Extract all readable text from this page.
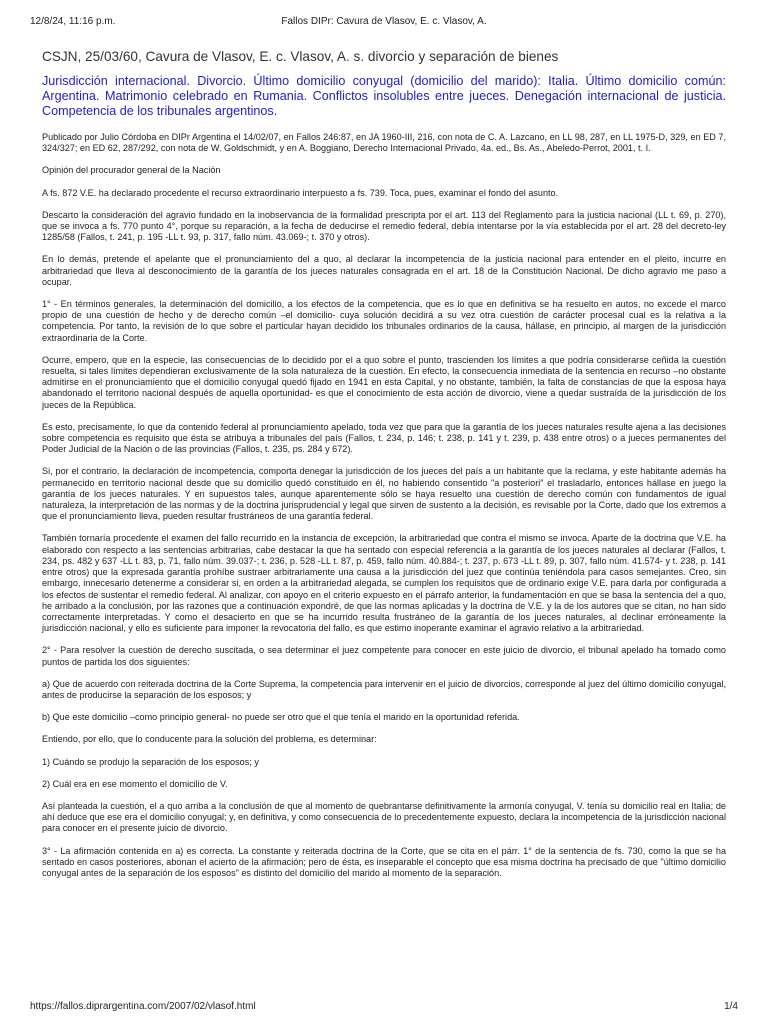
12/8/24, 11:16 p.m.	Fallos DIPr: Cavura de Vlasov, E. c. Vlasov, A.
CSJN, 25/03/60, Cavura de Vlasov, E. c. Vlasov, A. s. divorcio y separación de bienes

Jurisdicción internacional. Divorcio. Último domicilio conyugal (domicilio del marido): Italia. Último domicilio común: Argentina. Matrimonio celebrado en Rumania. Conflictos insolubles entre jueces. Denegación internacional de justicia. Competencia de los tribunales argentinos.

Publicado por Julio Córdoba en DIPr Argentina el 14/02/07, en Fallos 246:87, en JA 1960-III, 216, con nota de C. A. Lazcano, en LL 98, 287, en LL 1975-D, 329, en ED 7, 324/327; en ED 62, 287/292, con nota de W. Goldschmidt, y en A. Boggiano, Derecho Internacional Privado, 4a. ed., Bs. As., Abeledo-Perrot, 2001, t. I.

Opinión del procurador general de la Nación

A fs. 872 V.E. ha declarado procedente el recurso extraordinario interpuesto a fs. 739. Toca, pues, examinar el fondo del asunto.

Descarto la consideración del agravio fundado en la inobservancia de la formalidad prescripta por el art. 113 del Reglamento para la justicia nacional (LL t. 69, p. 270), que se invoca a fs. 770 punto 4°, porque su reparación, a la fecha de deducirse el remedio federal, debía intentarse por la vía establecida por el art. 28 del decreto-ley 1285/58 (Fallos, t. 241, p. 195 -LL t. 93, p. 317, fallo núm. 43.069-; t. 370 y otros).

En lo demás, pretende el apelante que el pronunciamiento del a quo, al declarar la incompetencia de la justicia nacional para entender en el pleito, incurre en arbitrariedad que lleva al desconocimiento de la garantía de los jueces naturales consagrada en el art. 18 de la Constitución Nacional. De dicho agravio me paso a ocupar.

1° - En términos generales, la determinación del domicilio, a los efectos de la competencia, que es lo que en definitiva se ha resuelto en autos, no excede el marco propio de una cuestión de hecho y de derecho común –el domicilio- cuya solución decidirá a su vez otra cuestión de carácter procesal cual es la relativa a la competencia. Por tanto, la revisión de lo que sobre el particular hayan decidido los tribunales ordinarios de la causa, hállase, en principio, al margen de la jurisdicción extraordinaria de la Corte.

Ocurre, empero, que en la especie, las consecuencias de lo decidido por el a quo sobre el punto, trascienden los límites a que podría considerarse ceñida la cuestión resuelta, si tales límites dependieran exclusivamente de la sola naturaleza de la cuestión. En efecto, la consecuencia inmediata de la sentencia en recurso –no obstante admitirse en el pronunciamiento que el domicilio conyugal quedó fijado en 1941 en esta Capital, y no obstante, también, la falta de constancias de que la esposa haya abandonado el territorio nacional después de aquella oportunidad- es que el conocimiento de esta acción de divorcio, viene a quedar sustraída de la jurisdicción de los jueces de la República.

Es esto, precisamente, lo que da contenido federal al pronunciamiento apelado, toda vez que para que la garantía de los jueces naturales resulte ajena a las decisiones sobre competencia es requisito que ésta se atribuya a tribunales del país (Fallos, t. 234, p. 146; t. 238, p. 141 y t. 239, p. 438 entre otros) o a jueces permanentes del Poder Judicial de la Nación o de las provincias (Fallos, t. 235, ps. 284 y 672).

Si, por el contrario, la declaración de incompetencia, comporta denegar la jurisdicción de los jueces del país a un habitante que la reclama, y este habitante además ha permanecido en territorio nacional desde que su domicilio quedó constituido en él, no habiendo consentido "a posteriori" el trasladarlo, entonces hállase en juego la garantía de los jueces naturales. Y en supuestos tales, aunque aparentemente sólo se haya resuelto una cuestión de derecho común con fundamentos de igual naturaleza, la interpretación de las normas y de la doctrina jurisprudencial y legal que sirven de sustento a la decisión, es revisable por la Corte, dado que los extremos a que el pronunciamiento lleva, pueden resultar frustráneos de una garantía federal.

También tornaría procedente el examen del fallo recurrido en la instancia de excepción, la arbitrariedad que contra el mismo se invoca. Aparte de la doctrina que V.E. ha elaborado con respecto a las sentencias arbitrarias, cabe destacar la que ha sentado con especial referencia a la garantía de los jueces naturales al declarar (Fallos, t. 234, ps. 482 y 637 -LL t. 83, p. 71, fallo núm. 39.037-; t. 236, p. 528 -LL t. 87, p. 459, fallo núm. 40.884-; t. 237, p. 673 -LL t. 89, p. 307, fallo núm. 41.574- y t. 238, p. 141 entre otros) que la expresada garantía prohíbe sustraer arbitrariamente una causa a la jurisdicción del juez que continúa teniéndola para casos semejantes. Creo, sin embargo, innecesario detenerme a considerar si, en orden a la arbitrariedad alegada, se cumplen los requisitos que de ordinario exige V.E. para darla por configurada a los efectos de sustentar el remedio federal. Al analizar, con apoyo en el criterio expuesto en el párrafo anterior, la fundamentación en que se basa la sentencia del a quo, he arribado a la conclusión, por las razones que a continuación expondré, de que las normas aplicadas y la doctrina de V.E. y la de los autores que se citan, no han sido correctamente interpretadas. Y como el desacierto en que se ha incurrido resulta frustráneo de la garantía de los jueces naturales, al declinar erróneamente la jurisdicción nacional, y ello es suficiente para imponer la revocatoria del fallo, es que estimo inoperante examinar el agravio relativo a la arbitrariedad.

2° - Para resolver la cuestión de derecho suscitada, o sea determinar el juez competente para conocer en este juicio de divorcio, el tribunal apelado ha tomado como puntos de partida los dos siguientes:

a) Que de acuerdo con reiterada doctrina de la Corte Suprema, la competencia para intervenir en el juicio de divorcios, corresponde al juez del último domicilio conyugal, antes de producirse la separación de los esposos; y

b) Que este domicilio –como principio general- no puede ser otro que el que tenía el marido en la oportunidad referida.

Entiendo, por ello, que lo conducente para la solución del problema, es determinar:

1) Cuándo se produjo la separación de los esposos; y

2) Cuál era en ese momento el domicilio de V.

Así planteada la cuestión, el a quo arriba a la conclusión de que al momento de quebrantarse definitivamente la armonía conyugal, V. tenía su domicilio real en Italia; de ahí deduce que ese era el domicilio conyugal; y, en definitiva, y como consecuencia de lo precedentemente expuesto, declara la incompetencia de la jurisdicción nacional para conocer en el presente juicio de divorcio.

3° - La afirmación contenida en a) es correcta. La constante y reiterada doctrina de la Corte, que se cita en el párr. 1° de la sentencia de fs. 730, como la que se ha sentado en casos posteriores, abonan el acierto de la afirmación; pero de ésta, es inseparable el concepto que esa misma doctrina ha precisado de que "último domicilio conyugal antes de la separación de los esposos" es distinto del domicilio del marido al momento de la separación.

https://fallos.diprargentina.com/2007/02/vlasof.html	1/4
